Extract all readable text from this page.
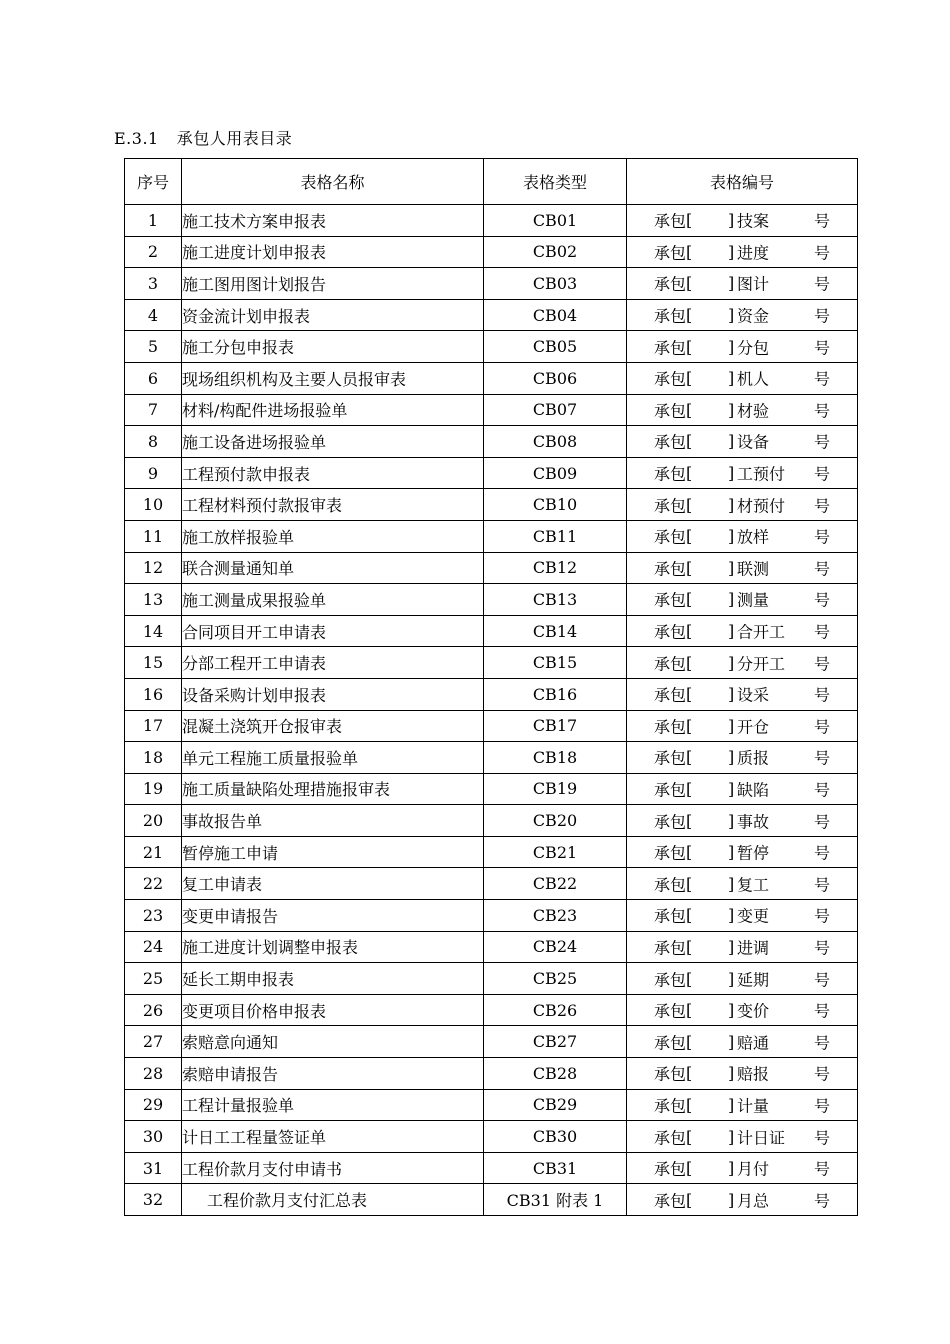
E.3.1 承包人用表目录
序号	表格名称	表格类型	表格编号
1	施工技术方案申报表	CB01	承包 [ ] 技案 号

2	施工进度计划申报表	CB02	承包 [ ] 进度 号

3	施工图用图计划报告	CB03	承包 [ ] 图计 号

4	资金流计划申报表	CB04	承包 [ ] 资金 号

5	施工分包申报表	CB05	承包 [ ] 分包 号

6	现场组织机构及主要人员报审表	CB06	承包 [ ] 机人 号

7	材料/构配件进场报验单	CB07	承包 [ ] 材验 号

8	施工设备进场报验单	CB08	承包 [ ] 设备 号

9	工程预付款申报表	CB09	承包 [ ] 工预付 号

10	工程材料预付款报审表	CB10	承包 [ ] 材预付 号

11	施工放样报验单	CB11	承包 [ ] 放样 号

12	联合测量通知单	CB12	承包 [ ] 联测 号

13	施工测量成果报验单	CB13	承包 [ ] 测量 号

14	合同项目开工申请表	CB14	承包 [ ] 合开工 号

15	分部工程开工申请表	CB15	承包 [ ] 分开工 号

16	设备采购计划申报表	CB16	承包 [ ] 设采 号

17	混凝土浇筑开仓报审表	CB17	承包 [ ] 开仓 号

18	单元工程施工质量报验单	CB18	承包 [ ] 质报 号

19	施工质量缺陷处理措施报审表	CB19	承包 [ ] 缺陷 号

20	事故报告单	CB20	承包 [ ] 事故 号

21	暂停施工申请	CB21	承包 [ ] 暂停 号

22	复工申请表	CB22	承包 [ ] 复工 号

23	变更申请报告	CB23	承包 [ ] 变更 号

24	施工进度计划调整申报表	CB24	承包 [ ] 进调 号

25	延长工期申报表	CB25	承包 [ ] 延期 号

26	变更项目价格申报表	CB26	承包 [ ] 变价 号

27	索赔意向通知	CB27	承包 [ ] 赔通 号

28	索赔申请报告	CB28	承包 [ ] 赔报 号

29	工程计量报验单	CB29	承包 [ ] 计量 号

30	计日工工程量签证单	CB30	承包 [ ] 计日证 号

31	工程价款月支付申请书	CB31	承包 [ ] 月付 号

32	工程价款月支付汇总表	CB31 附表 1	承包 [ ] 月总 号
